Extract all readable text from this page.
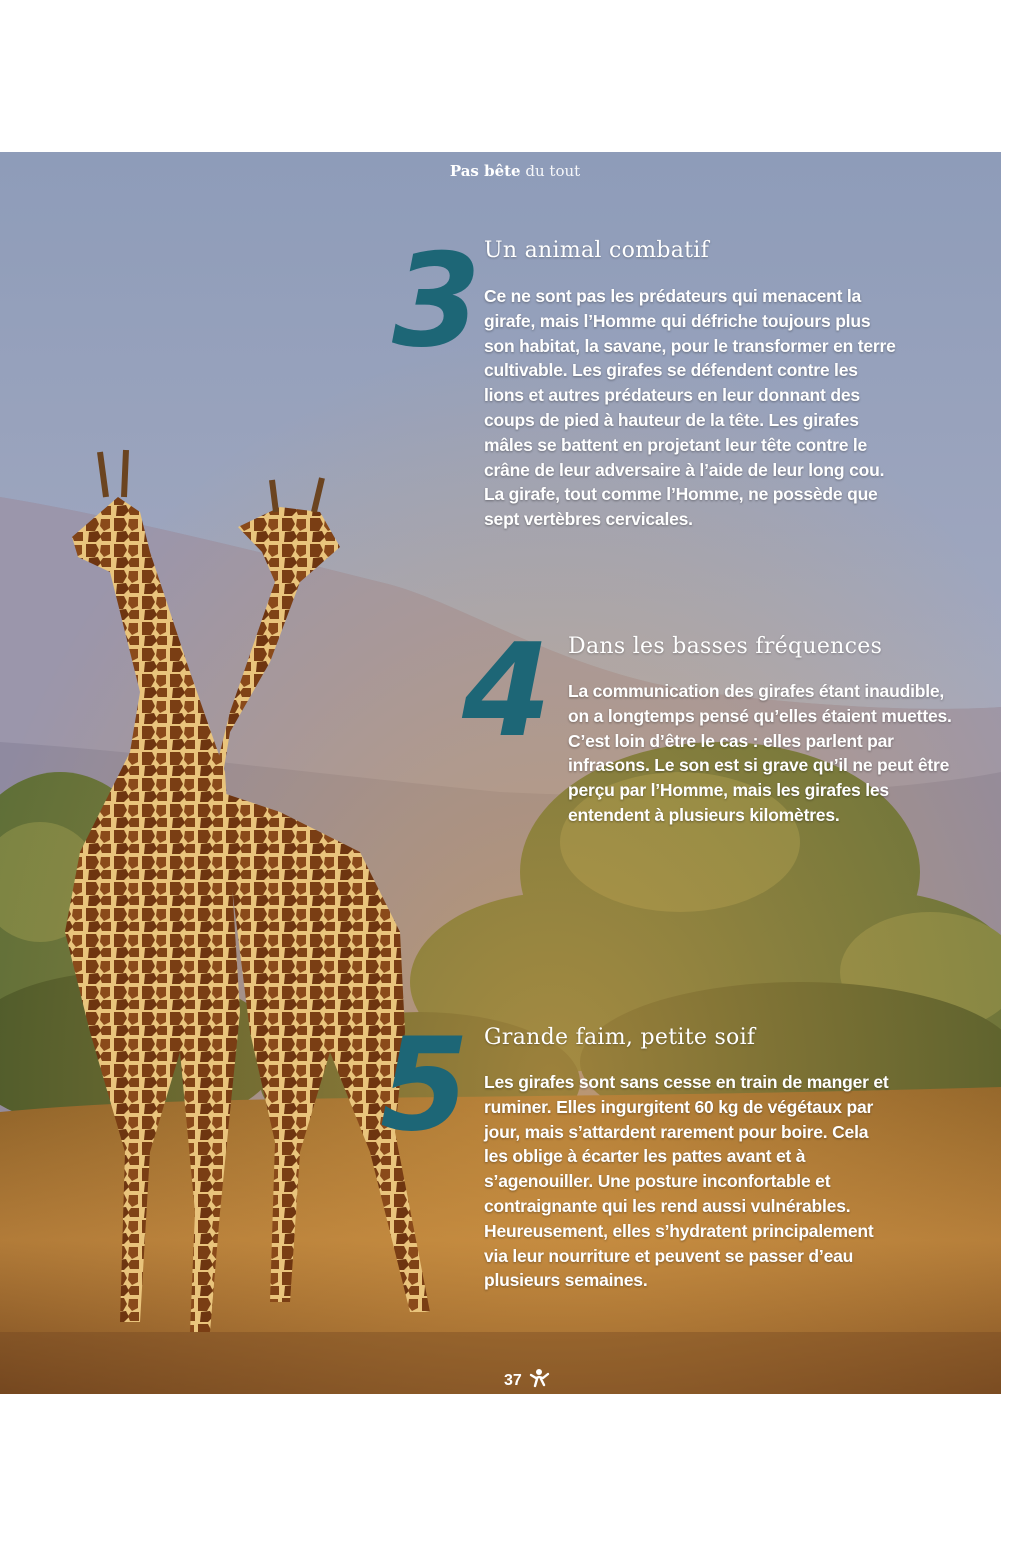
Pas bête du tout
3 Un animal combatif

Ce ne sont pas les prédateurs qui menacent la girafe, mais l’Homme qui défriche toujours plus son habitat, la savane, pour le transformer en terre cultivable. Les girafes se défendent contre les lions et autres prédateurs en leur donnant des coups de pied à hauteur de la tête. Les girafes mâles se battent en projetant leur tête contre le crâne de leur adversaire à l’aide de leur long cou. La girafe, tout comme l’Homme, ne possède que sept vertèbres cervicales.

4 Dans les basses fréquences

La communication des girafes étant inaudible, on a longtemps pensé qu’elles étaient muettes. C’est loin d’être le cas : elles parlent par infrasons. Le son est si grave qu’il ne peut être perçu par l’Homme, mais les girafes les entendent à plusieurs kilomètres.

5 Grande faim, petite soif

Les girafes sont sans cesse en train de manger et ruminer. Elles ingurgitent 60 kg de végétaux par jour, mais s’attardent rarement pour boire. Cela les oblige à écarter les pattes avant et à s’agenouiller. Une posture inconfortable et contraignante qui les rend aussi vulnérables. Heureusement, elles s’hydratent principalement via leur nourriture et peuvent se passer d’eau plusieurs semaines.

37
